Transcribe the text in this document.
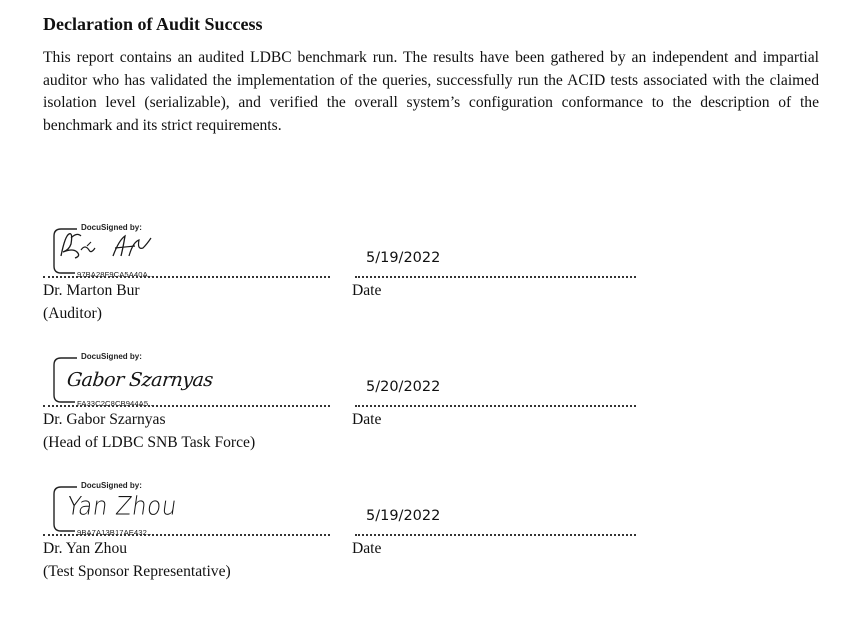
Declaration of Audit Success

This report contains an audited LDBC benchmark run. The results have been gathered by an independent and impartial auditor who has validated the implementation of the queries, successfully run the ACID tests associated with the claimed isolation level (serializable), and verified the overall system’s configuration conformance to the description of the benchmark and its strict requirements.

DocuSigned by:
97BA28F9CA5A40A...
5/19/2022
Dr. Marton Bur
(Auditor)
Date
DocuSigned by:
Gabor Szarnyas
FA33C2C8CB944A5...
5/20/2022
Dr. Gabor Szarnyas
(Head of LDBC SNB Task Force)
Date
DocuSigned by:
Yan Zhou
9BA7A13B17AE432...
5/19/2022
Dr. Yan Zhou
(Test Sponsor Representative)
Date
